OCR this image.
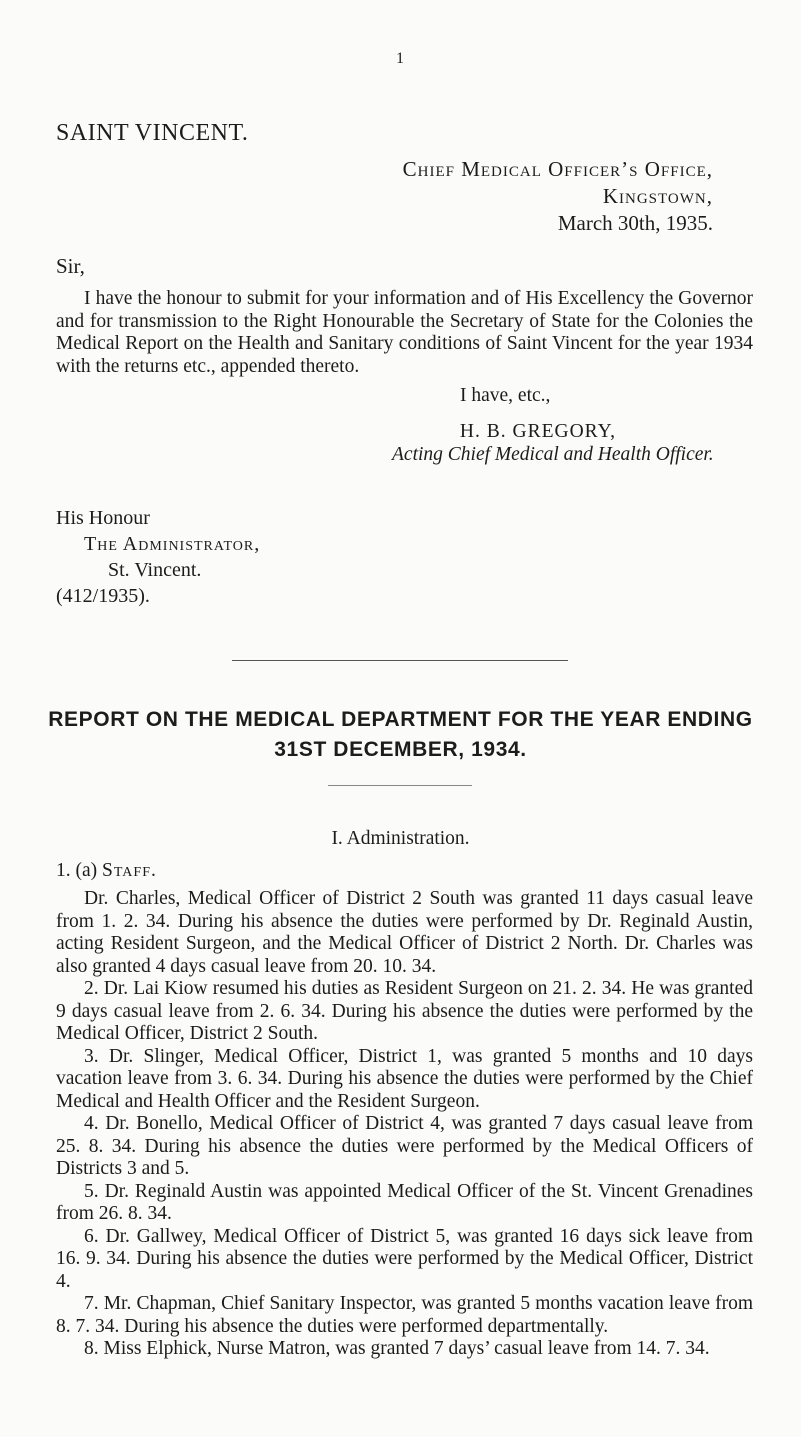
1
SAINT VINCENT.
Chief Medical Officer’s Office,
Kingstown,
March 30th, 1935.
Sir,
I have the honour to submit for your information and of His Excellency the Governor and for transmission to the Right Honourable the Secretary of State for the Colonies the Medical Report on the Health and Sanitary conditions of Saint Vincent for the year 1934 with the returns etc., appended thereto.
I have, etc.,
H. B. GREGORY,
Acting Chief Medical and Health Officer.
His Honour
The Administrator,
St. Vincent.
(412/1935).
REPORT ON THE MEDICAL DEPARTMENT FOR THE YEAR ENDING
31ST DECEMBER, 1934.
I. Administration.
1. (a) Staff.

Dr. Charles, Medical Officer of District 2 South was granted 11 days casual leave from 1. 2. 34. During his absence the duties were performed by Dr. Reginald Austin, acting Resident Surgeon, and the Medical Officer of District 2 North. Dr. Charles was also granted 4 days casual leave from 20. 10. 34.

2. Dr. Lai Kiow resumed his duties as Resident Surgeon on 21. 2. 34. He was granted 9 days casual leave from 2. 6. 34. During his absence the duties were performed by the Medical Officer, District 2 South.

3. Dr. Slinger, Medical Officer, District 1, was granted 5 months and 10 days vacation leave from 3. 6. 34. During his absence the duties were performed by the Chief Medical and Health Officer and the Resident Surgeon.

4. Dr. Bonello, Medical Officer of District 4, was granted 7 days casual leave from 25. 8. 34. During his absence the duties were performed by the Medical Officers of Districts 3 and 5.

5. Dr. Reginald Austin was appointed Medical Officer of the St. Vincent Grenadines from 26. 8. 34.

6. Dr. Gallwey, Medical Officer of District 5, was granted 16 days sick leave from 16. 9. 34. During his absence the duties were performed by the Medical Officer, District 4.

7. Mr. Chapman, Chief Sanitary Inspector, was granted 5 months vacation leave from 8. 7. 34. During his absence the duties were performed departmentally.

8. Miss Elphick, Nurse Matron, was granted 7 days’ casual leave from 14. 7. 34.
